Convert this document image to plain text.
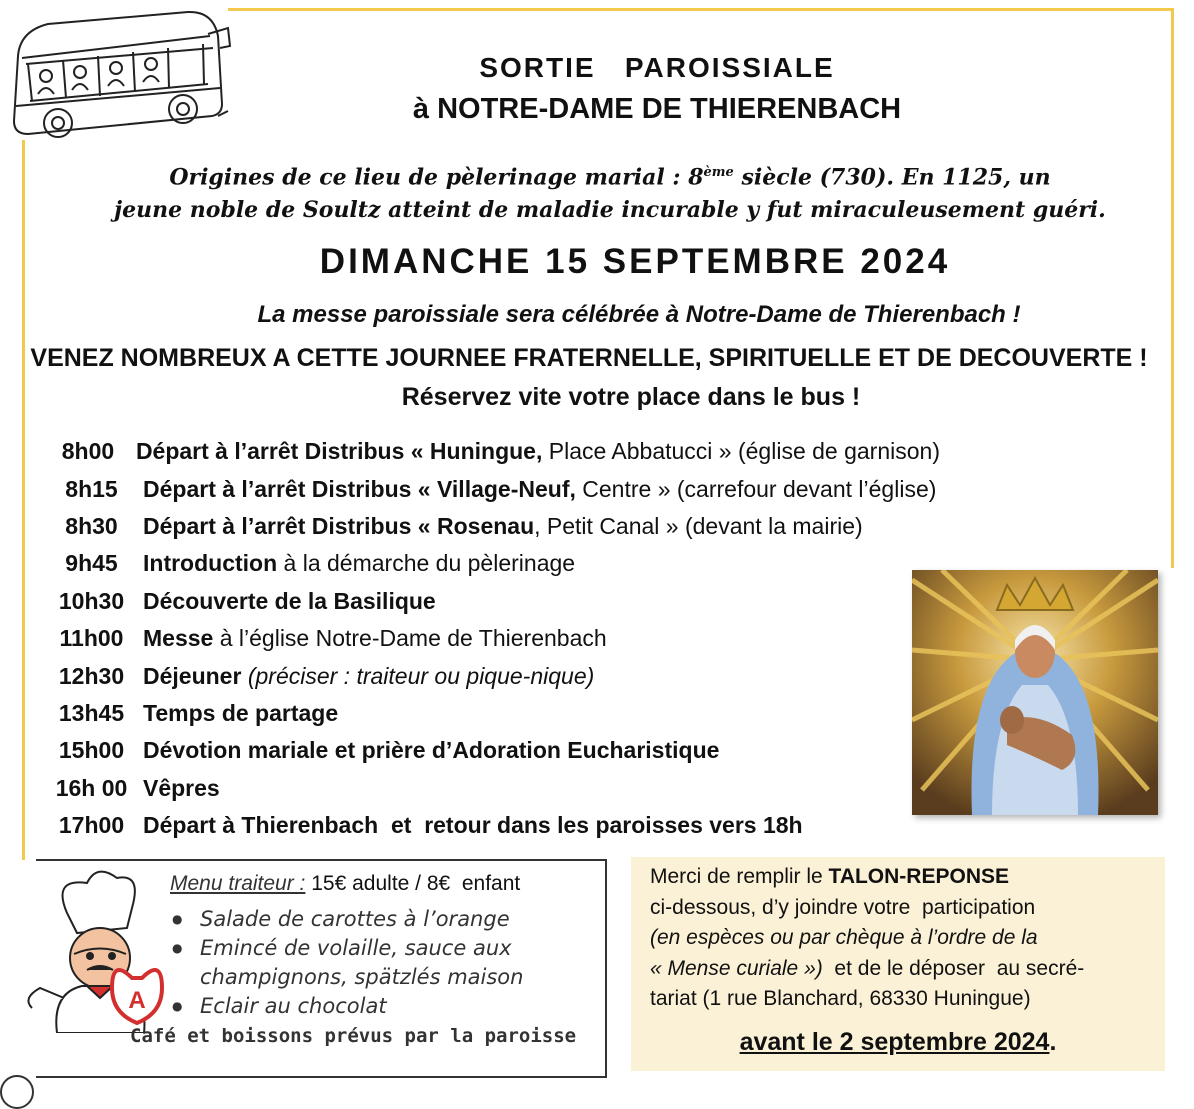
SORTIE   PAROISSIALE
à NOTRE-DAME DE THIERENBACH
Origines de ce lieu de pèlerinage marial : 8ème siècle (730). En 1125, un
jeune noble de Soultz atteint de maladie incurable y fut miraculeusement guéri.
DIMANCHE 15 SEPTEMBRE 2024
La messe paroissiale sera célébrée à Notre-Dame de Thierenbach !
VENEZ NOMBREUX A CETTE JOURNEE FRATERNELLE, SPIRITUELLE ET DE DECOUVERTE !
Réservez vite votre place dans le bus !
8h00 Départ à l’arrêt Distribus « Huningue, Place Abbatucci » (église de garnison)
8h15	Départ à l’arrêt Distribus « Village-Neuf, Centre » (carrefour devant l’église)
8h30	Départ à l’arrêt Distribus « Rosenau, Petit Canal » (devant la mairie)
9h45	Introduction à la démarche du pèlerinage
10h30 Découverte de la Basilique
11h00 Messe à l’église Notre-Dame de Thierenbach
12h30 Déjeuner (préciser : traiteur ou pique-nique)
13h45 Temps de partage
15h00 Dévotion mariale et prière d’Adoration Eucharistique
16h 00 Vêpres
17h00 Départ à Thierenbach  et  retour dans les paroisses vers 18h
A
Menu traiteur : 15€ adulte / 8€  enfant
● Salade de carottes à l’orange
● Emincé de volaille, sauce aux
champignons, spätzlés maison
● Eclair au chocolat
Café et boissons prévus par la paroisse
Merci de remplir le TALON-REPONSE
ci-dessous, d’y joindre votre  participation
(en espèces ou par chèque à l’ordre de la
« Mense curiale »)  et de le déposer  au secré-
tariat (1 rue Blanchard, 68330 Huningue)
avant le 2 septembre 2024.
